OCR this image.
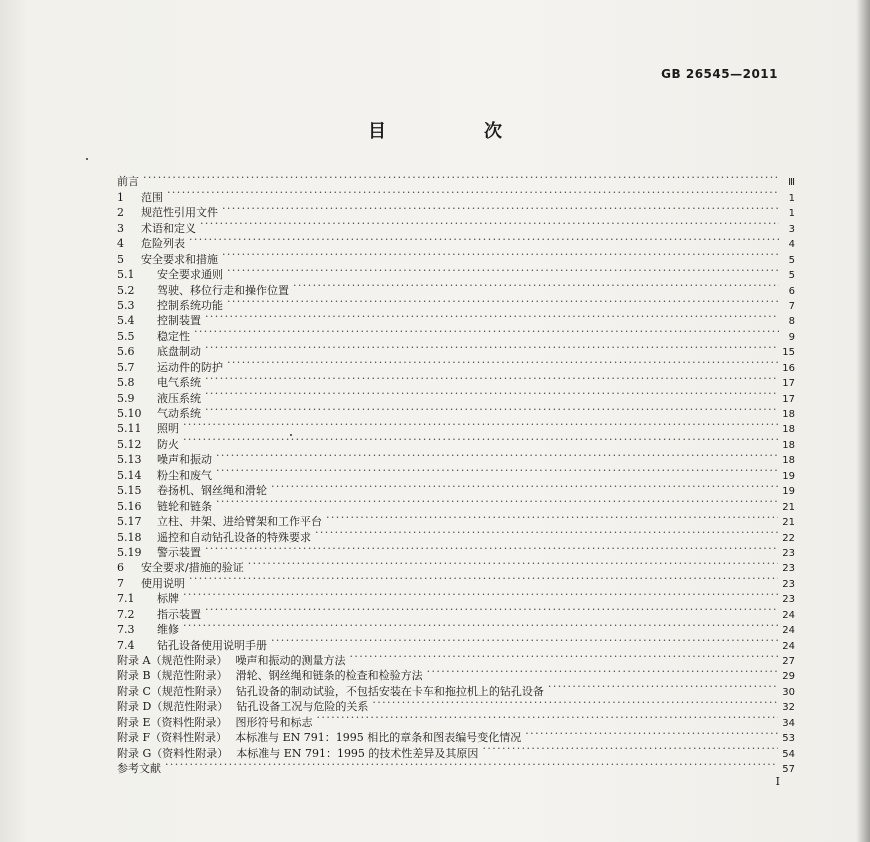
GB 26545—2011
目　次
前言 ·····	Ⅲ
1	范围 ·····	1
2	规范性引用文件 ·····	1
3	术语和定义 ·····	3
4	危险列表 ·····	4
5	安全要求和措施 ·····	5
5.1	安全要求通则 ·····	5
5.2	驾驶、移位行走和操作位置 ·····	6
5.3	控制系统功能 ·····	7
5.4	控制装置 ·····	8
5.5	稳定性 ·····	9
5.6	底盘制动 ·····	15
5.7	运动件的防护 ·····	16
5.8	电气系统 ·····	17
5.9	液压系统 ·····	17
5.10	气动系统 ·····	18
5.11	照明 ·····	18
5.12	防火 ·····	18
5.13	噪声和振动 ·····	18
5.14	粉尘和废气 ·····	19
5.15	卷扬机、钢丝绳和滑轮 ·····	19
5.16	链轮和链条 ·····	21
5.17	立柱、井架、进给臂架和工作平台 ·····	21
5.18	遥控和自动钻孔设备的特殊要求 ·····	22
5.19	警示装置 ·····	23
6	安全要求/措施的验证 ·····	23
7	使用说明 ·····	23
7.1	标牌 ·····	23
7.2	指示装置 ·····	24
7.3	维修 ·····	24
7.4	钻孔设备使用说明手册 ·····	24
附录 A（规范性附录） 噪声和振动的测量方法 ·····	27
附录 B（规范性附录） 滑轮、钢丝绳和链条的检查和检验方法 ·····	29
附录 C（规范性附录） 钻孔设备的制动试验，不包括安装在卡车和拖拉机上的钻孔设备 ·····	30
附录 D（规范性附录） 钻孔设备工况与危险的关系 ·····	32
附录 E（资料性附录） 图形符号和标志 ·····	34
附录 F（资料性附录） 本标准与 EN 791：1995 相比的章条和图表编号变化情况 ·····	53
附录 G（资料性附录） 本标准与 EN 791：1995 的技术性差异及其原因 ·····	54
参考文献 ·····	57
Ⅰ
